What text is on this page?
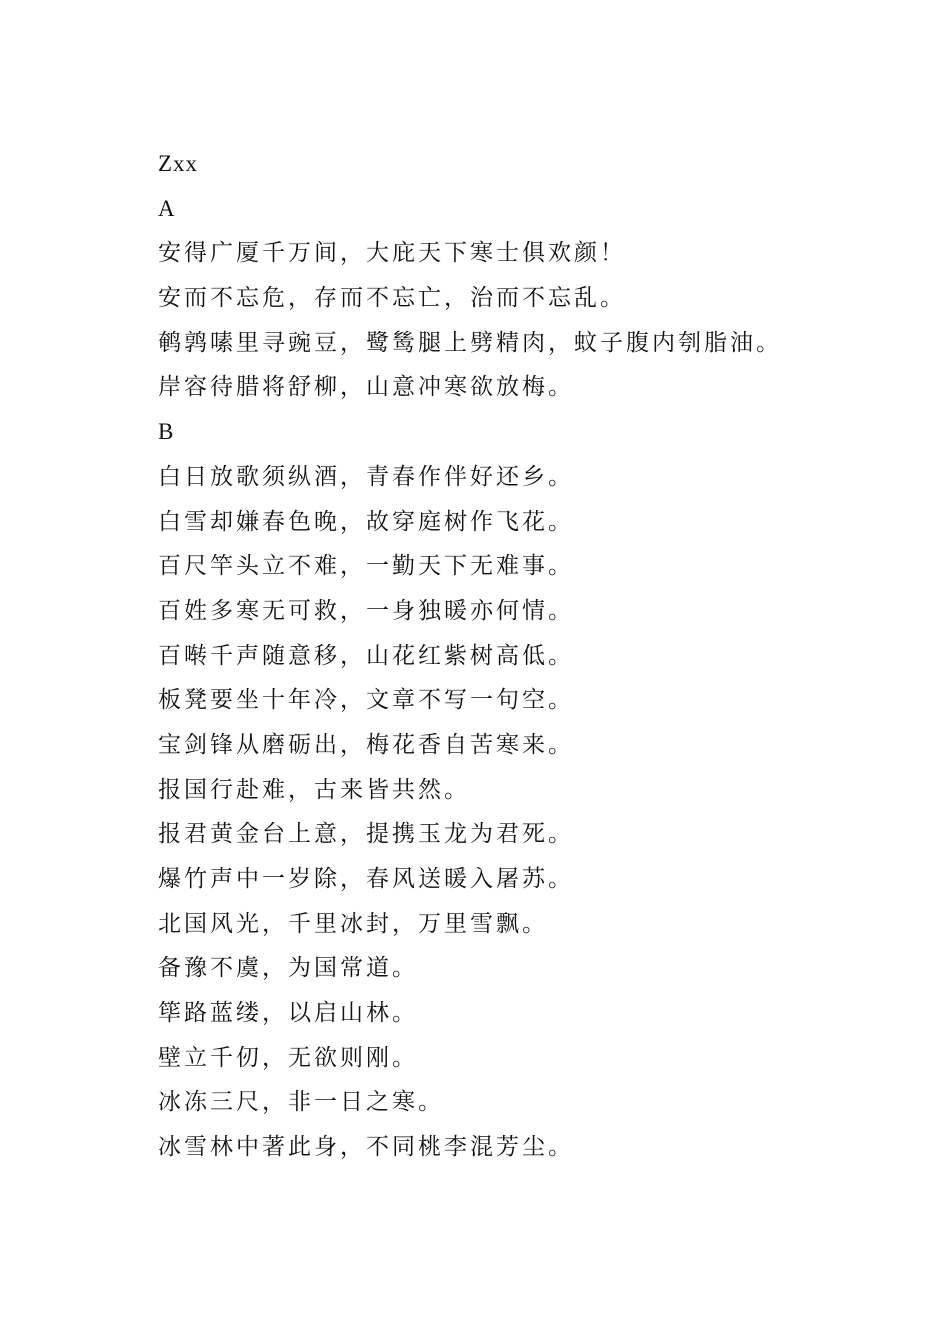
Zxx
A
安得广厦千万间，大庇天下寒士俱欢颜！
安而不忘危，存而不忘亡，治而不忘乱。
鹌鹑嗉里寻豌豆，鹭鸶腿上劈精肉，蚊子腹内刳脂油。
岸容待腊将舒柳，山意冲寒欲放梅。
B
白日放歌须纵酒，青春作伴好还乡。
白雪却嫌春色晚，故穿庭树作飞花。
百尺竿头立不难，一勤天下无难事。
百姓多寒无可救，一身独暖亦何情。
百啭千声随意移，山花红紫树高低。
板凳要坐十年冷，文章不写一句空。
宝剑锋从磨砺出，梅花香自苦寒来。
报国行赴难，古来皆共然。
报君黄金台上意，提携玉龙为君死。
爆竹声中一岁除，春风送暖入屠苏。
北国风光，千里冰封，万里雪飘。
备豫不虞，为国常道。
筚路蓝缕，以启山林。
壁立千仞，无欲则刚。
冰冻三尺，非一日之寒。
冰雪林中著此身，不同桃李混芳尘。
